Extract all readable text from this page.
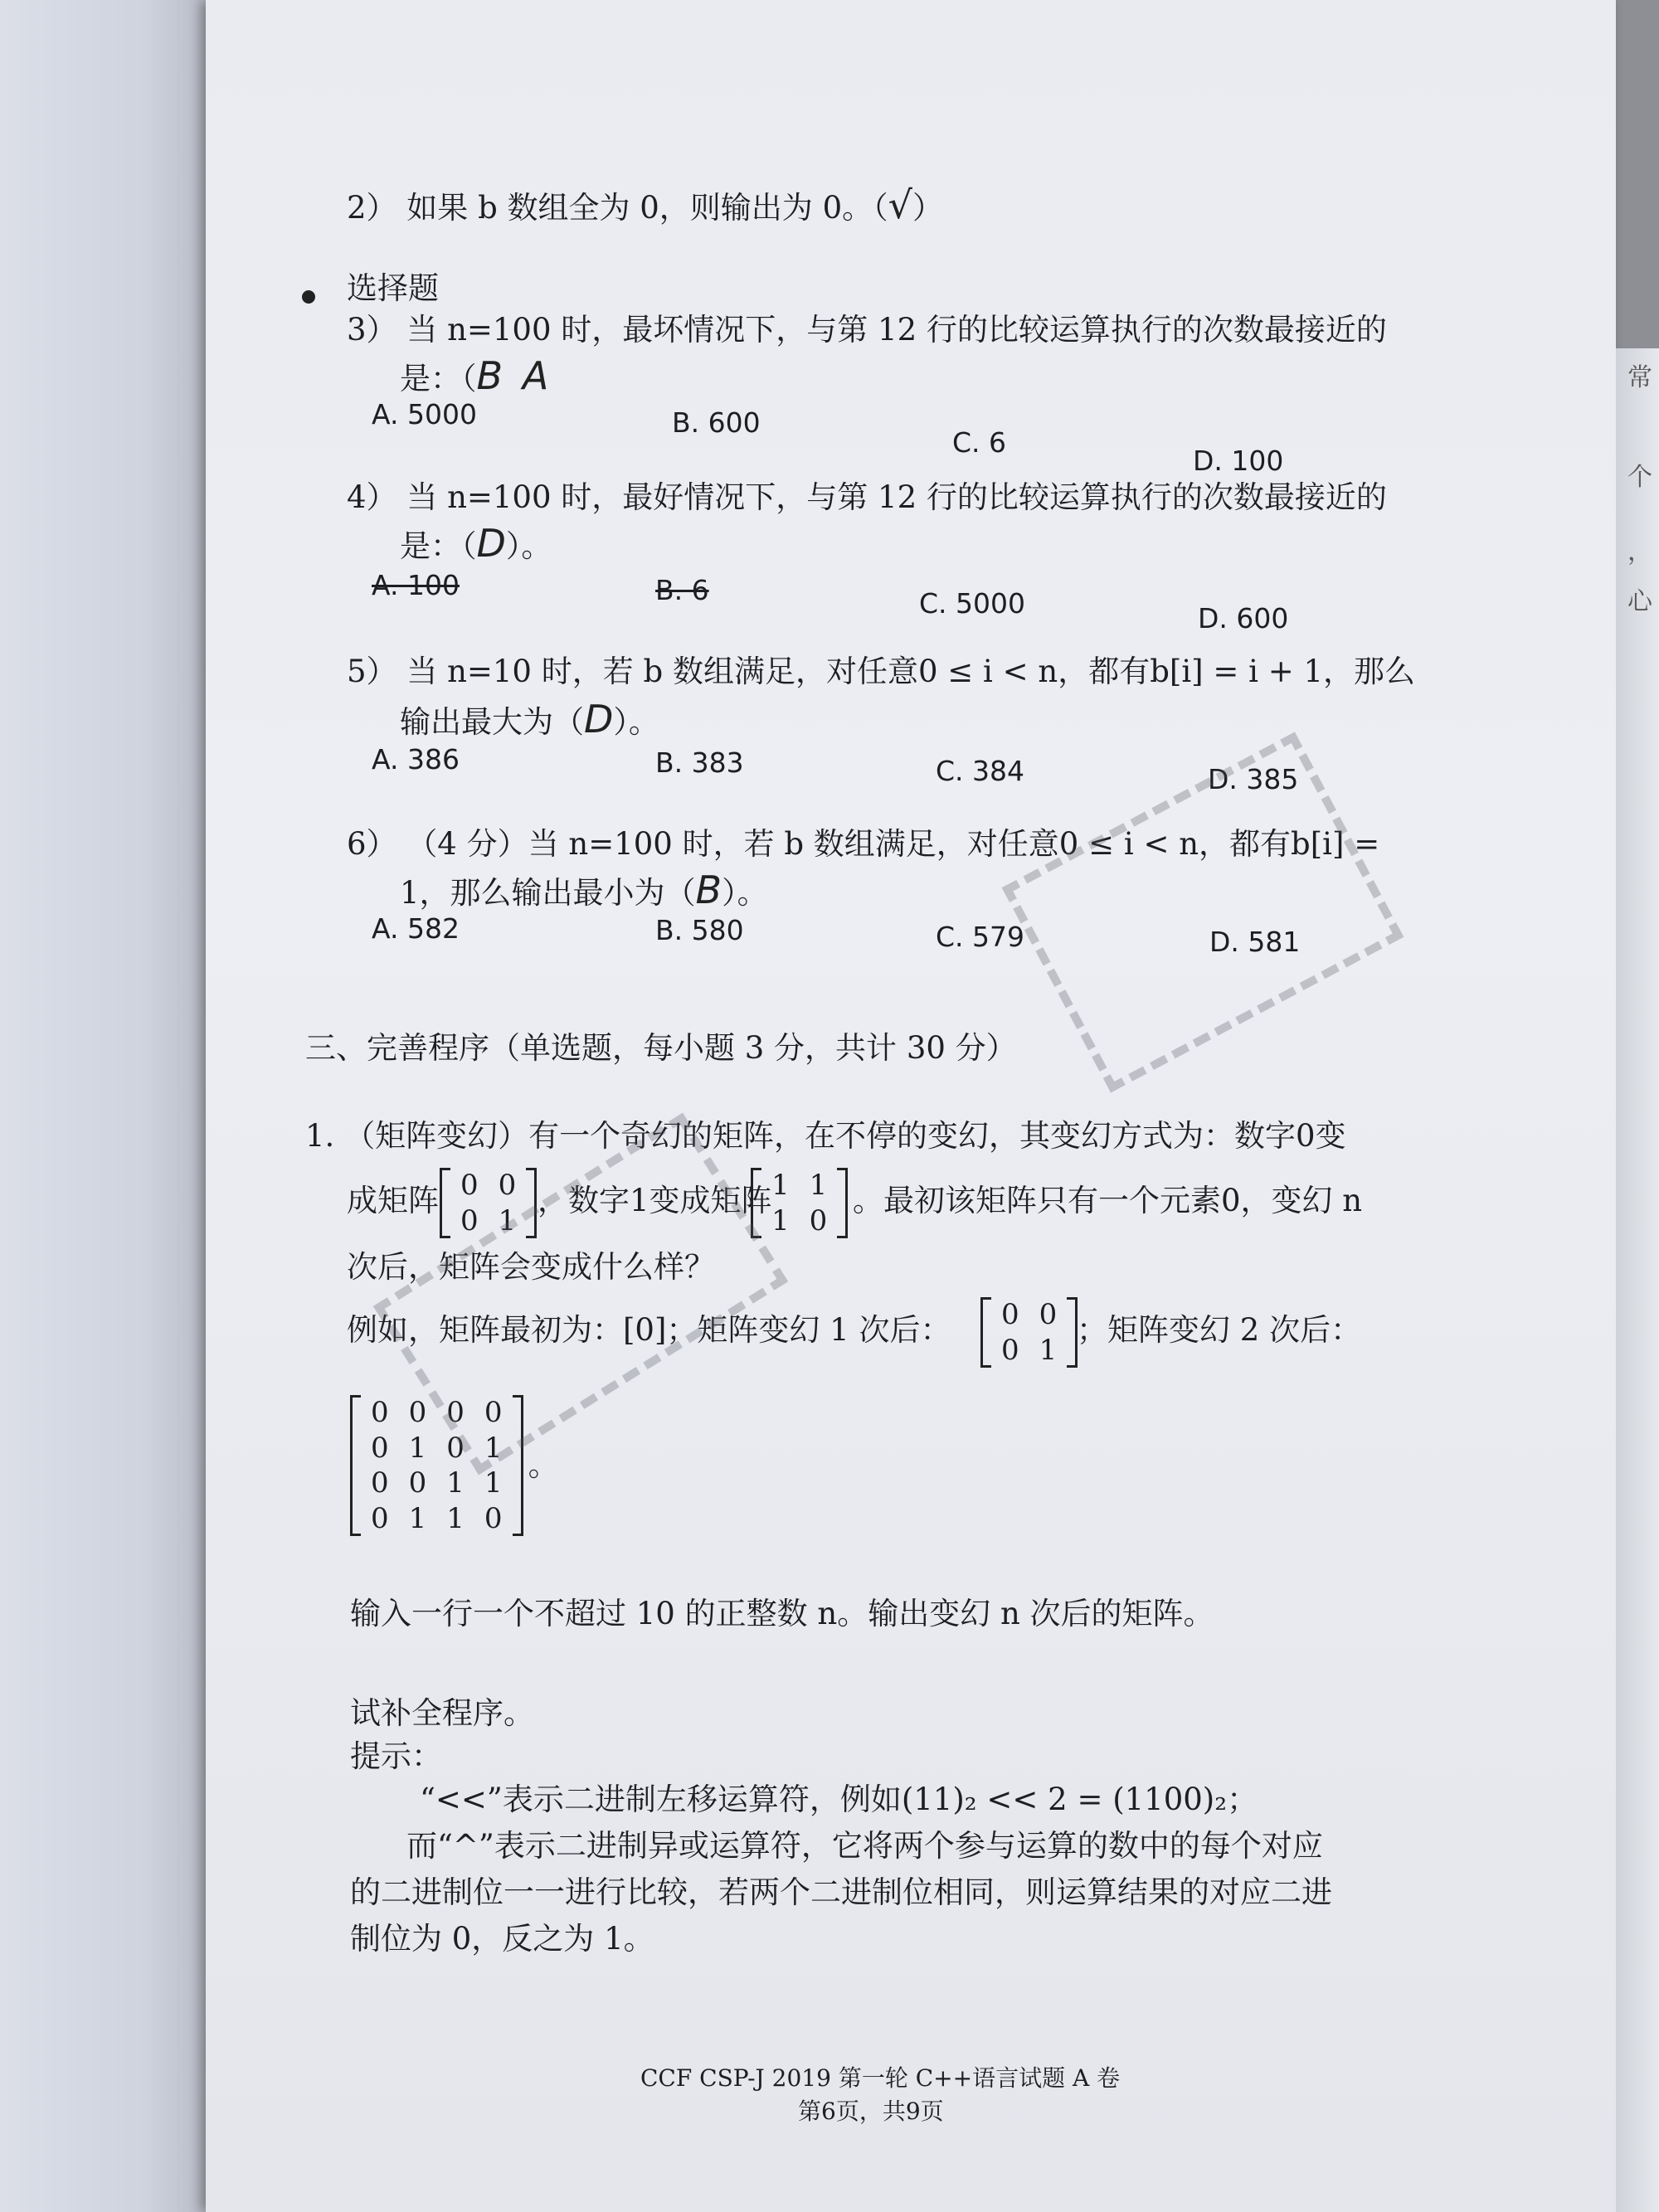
常
个
，
心
2） 如果 b 数组全为 0，则输出为 0。（√）
选择题
3） 当 n=100 时，最坏情况下，与第 12 行的比较运算执行的次数最接近的
是：（B A
A. 5000	B. 600
C. 6
D. 100
4） 当 n=100 时，最好情况下，与第 12 行的比较运算执行的次数最接近的
是：（D）。
A. 100	B. 6	C. 5000	D. 600
5） 当 n=10 时，若 b 数组满足，对任意0 ≤ i < n，都有b[i] = i + 1，那么
输出最大为（D）。
A. 386	B. 383	C. 384	D. 385
6） （4 分）当 n=100 时，若 b 数组满足，对任意0 ≤ i < n，都有b[i] =
1，那么输出最小为（B）。
A. 582	B. 580	C. 579	D. 581
三、完善程序（单选题，每小题 3 分，共计 30 分）
1. （矩阵变幻）有一个奇幻的矩阵，在不停的变幻，其变幻方式为：数字0变
成矩阵 0	0
0	1
，数字1变成矩阵 1	1
1	0
。最初该矩阵只有一个元素0，变幻 n
次后，矩阵会变成什么样？
例如，矩阵最初为：[0]；矩阵变幻 1 次后： 0	0
0	1
；矩阵变幻 2 次后：
0	0	0	0
0	1	0	1
0	0	1	1
0	1	1	0
。
输入一行一个不超过 10 的正整数 n。输出变幻 n 次后的矩阵。
试补全程序。
提示：
“<<”表示二进制左移运算符，例如(11)₂ << 2 = (1100)₂；
而“^”表示二进制异或运算符，它将两个参与运算的数中的每个对应
的二进制位一一进行比较，若两个二进制位相同，则运算结果的对应二进
制位为 0，反之为 1。
CCF CSP-J 2019 第一轮 C++语言试题 A 卷
第6页，共9页
